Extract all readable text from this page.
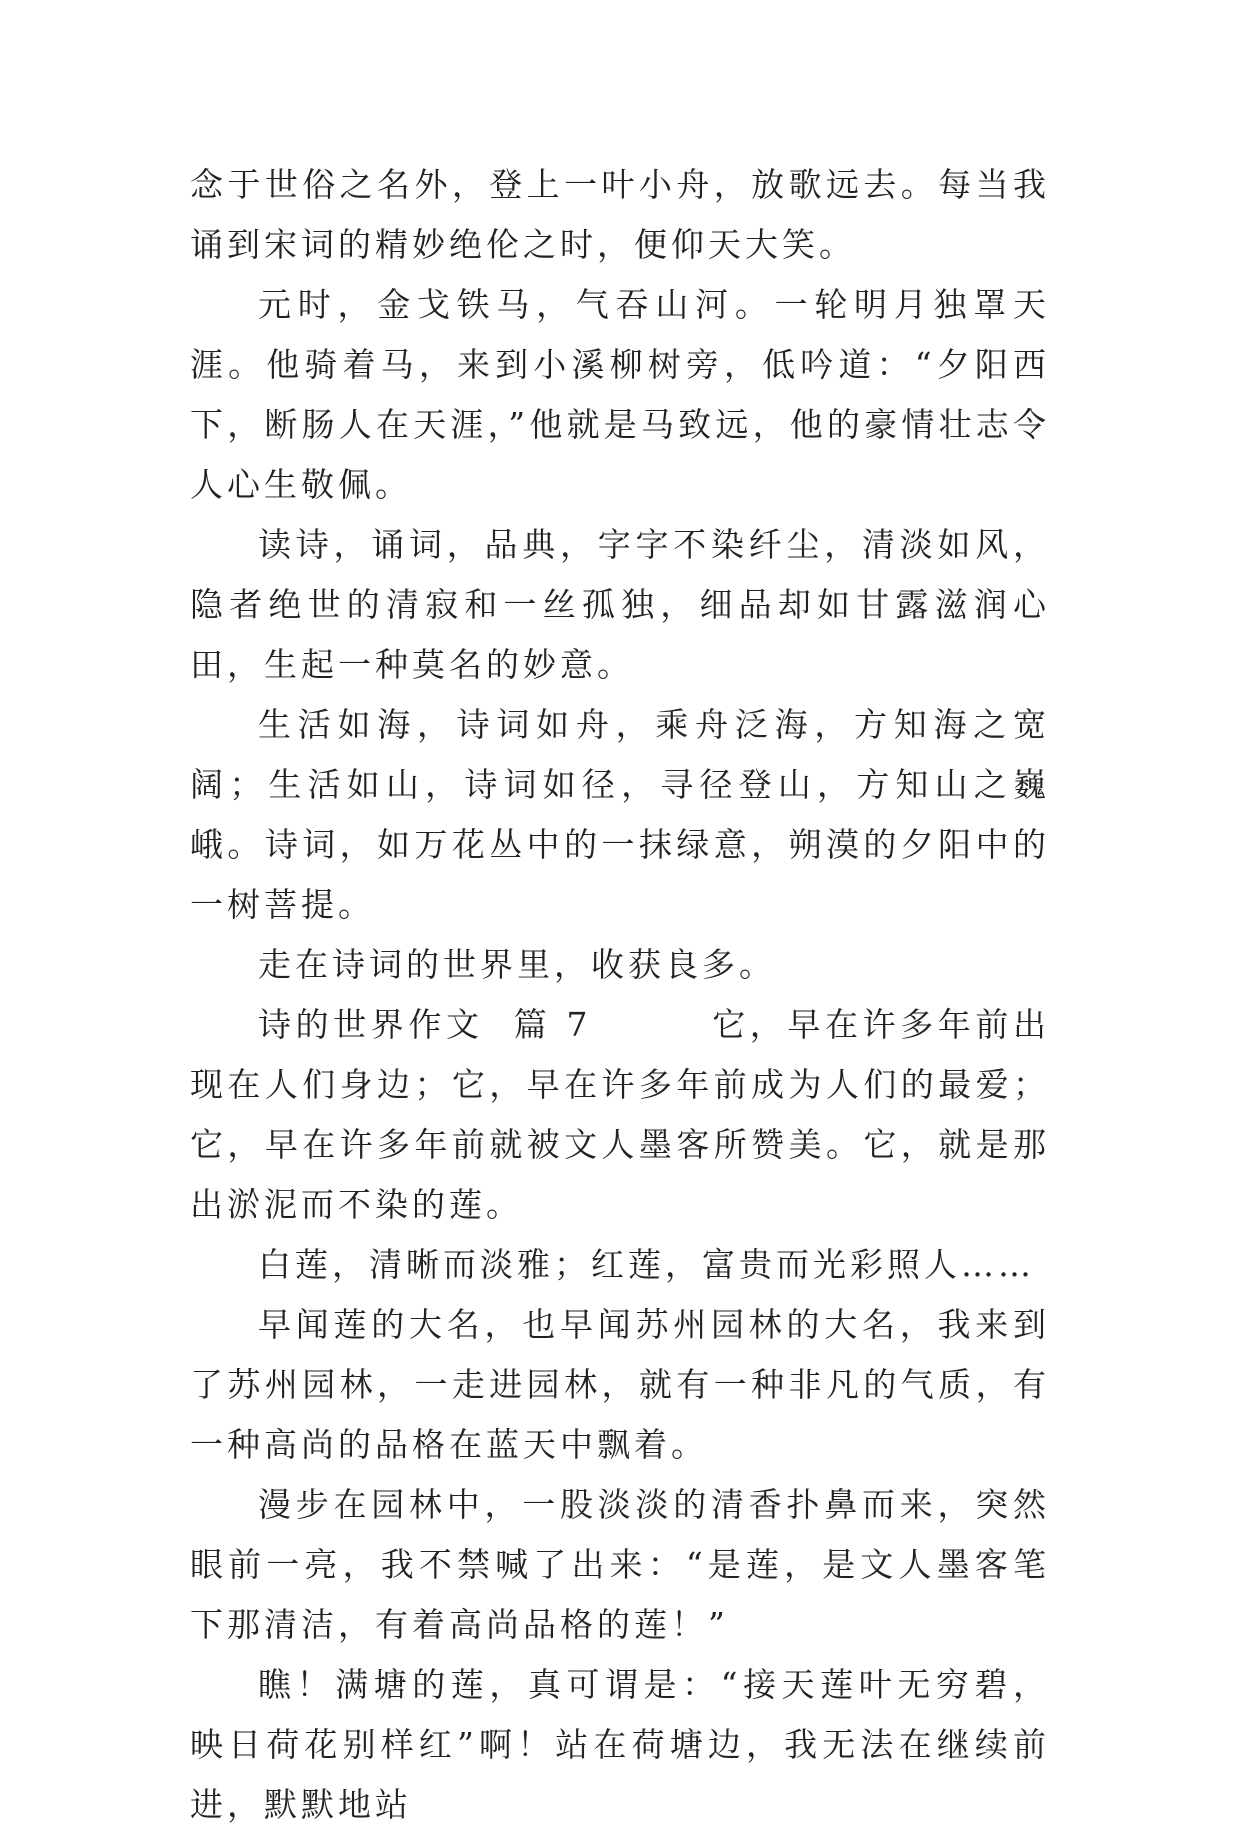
念于世俗之名外，登上一叶小舟，放歌远去。每当我诵到宋词的精妙绝伦之时，便仰天大笑。

元时，金戈铁马，气吞山河。一轮明月独罩天涯。他骑着马，来到小溪柳树旁，低吟道：“夕阳西下，断肠人在天涯，”他就是马致远，他的豪情壮志令人心生敬佩。

读诗，诵词，品典，字字不染纤尘，清淡如风，隐者绝世的清寂和一丝孤独，细品却如甘露滋润心田，生起一种莫名的妙意。

生活如海，诗词如舟，乘舟泛海，方知海之宽阔；生活如山，诗词如径，寻径登山，方知山之巍峨。诗词，如万花丛中的一抹绿意，朔漠的夕阳中的一树菩提。

走在诗词的世界里，收获良多。

诗的世界作文  篇 7        它，早在许多年前出现在人们身边；它，早在许多年前成为人们的最爱；它，早在许多年前就被文人墨客所赞美。它，就是那出淤泥而不染的莲。

白莲，清晰而淡雅；红莲，富贵而光彩照人……

早闻莲的大名，也早闻苏州园林的大名，我来到了苏州园林，一走进园林，就有一种非凡的气质，有一种高尚的品格在蓝天中飘着。

漫步在园林中，一股淡淡的清香扑鼻而来，突然眼前一亮，我不禁喊了出来：“是莲，是文人墨客笔下那清洁，有着高尚品格的莲！”

瞧！满塘的莲，真可谓是：“接天莲叶无穷碧，映日荷花别样红”啊！站在荷塘边，我无法在继续前进，默默地站
